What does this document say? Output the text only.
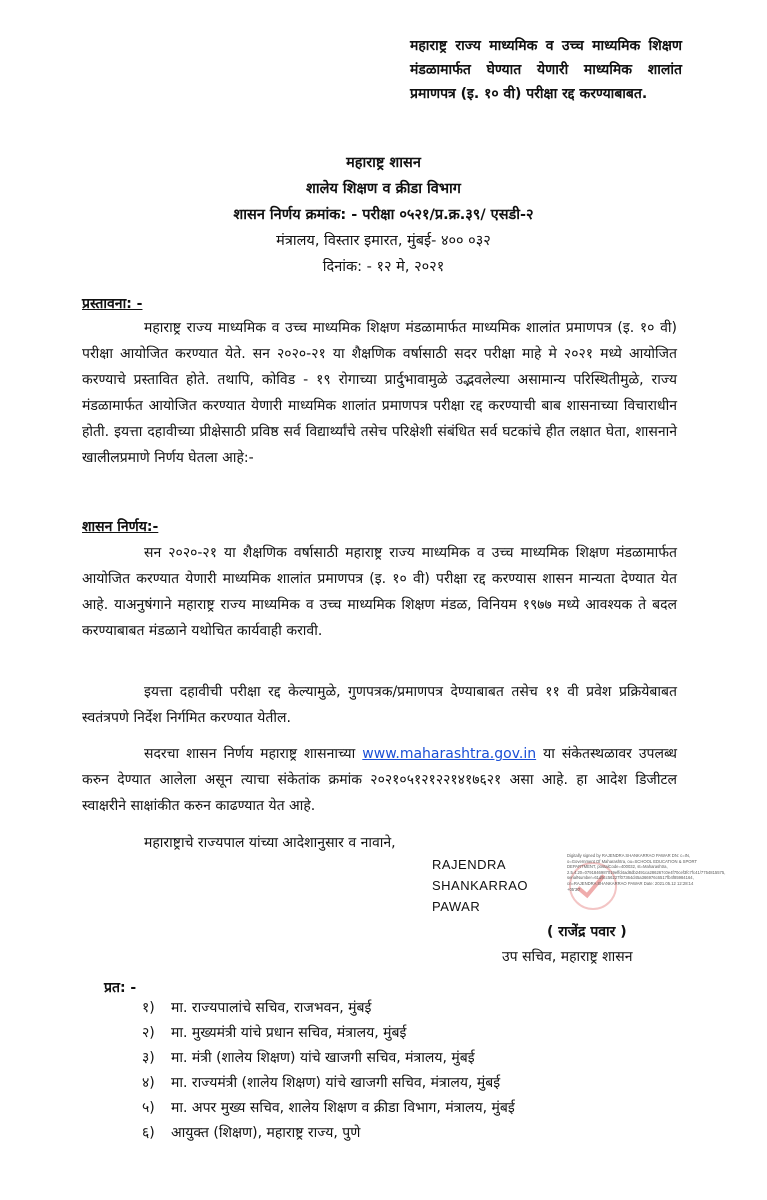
महाराष्ट्र राज्य माध्यमिक व उच्च माध्यमिक शिक्षण मंडळामार्फत घेण्यात येणारी माध्यमिक शालांत प्रमाणपत्र (इ. १० वी) परीक्षा रद्द करण्याबाबत.
महाराष्ट्र शासन
शालेय शिक्षण व क्रीडा विभाग
शासन निर्णय क्रमांक: - परीक्षा ०५२१/प्र.क्र.३९/ एसडी-२
मंत्रालय, विस्तार इमारत, मुंबई- ४०० ०३२
दिनांक: - १२ मे, २०२१
प्रस्तावना: -
महाराष्ट्र राज्य माध्यमिक व उच्च माध्यमिक शिक्षण मंडळामार्फत माध्यमिक शालांत प्रमाणपत्र (इ. १० वी) परीक्षा आयोजित करण्यात येते. सन २०२०-२१ या शैक्षणिक वर्षासाठी सदर परीक्षा माहे मे २०२१ मध्ये आयोजित करण्याचे प्रस्तावित होते. तथापि, कोविड - १९ रोगाच्या प्रार्दुभावामुळे उद्भवलेल्या असामान्य परिस्थितीमुळे, राज्य मंडळामार्फत आयोजित करण्यात येणारी माध्यमिक शालांत प्रमाणपत्र परीक्षा रद्द करण्याची बाब शासनाच्या विचाराधीन होती. इयत्ता दहावीच्या प्रीक्षेसाठी प्रविष्ठ सर्व विद्यार्थ्यांचे तसेच परिक्षेशी संबंधित सर्व घटकांचे हीत लक्षात घेता, शासनाने खालीलप्रमाणे निर्णय घेतला आहे:-
शासन निर्णय:-
सन २०२०-२१ या शैक्षणिक वर्षासाठी महाराष्ट्र राज्य माध्यमिक व उच्च माध्यमिक शिक्षण मंडळामार्फत आयोजित करण्यात येणारी माध्यमिक शालांत प्रमाणपत्र (इ. १० वी) परीक्षा रद्द करण्यास शासन मान्यता देण्यात येत आहे. याअनुषंगाने महाराष्ट्र राज्य माध्यमिक व उच्च माध्यमिक शिक्षण मंडळ, विनियम १९७७ मध्ये आवश्यक ते बदल करण्याबाबत मंडळाने यथोचित कार्यवाही करावी.
इयत्ता दहावीची परीक्षा रद्द केल्यामुळे, गुणपत्रक/प्रमाणपत्र देण्याबाबत तसेच ११ वी प्रवेश प्रक्रियेबाबत स्वतंत्रपणे निर्देश निर्गमित करण्यात येतील.
सदरचा शासन निर्णय महाराष्ट्र शासनाच्या www.maharashtra.gov.in या संकेतस्थळावर उपलब्ध करुन देण्यात आलेला असून त्याचा संकेतांक क्रमांक २०२१०५१२१२२१४१७६२१ असा आहे. हा आदेश डिजीटल स्वाक्षरीने साक्षांकीत करुन काढण्यात येत आहे.
महाराष्ट्राचे राज्यपाल यांच्या आदेशानुसार व नावाने,
RAJENDRA
SHANKARRAO
PAWAR
Digitally signed by RAJENDRA SHANKARRAO PAWAR DN: c=IN, o=Government Of Maharashtra, ou=SCHOOL EDUCATION & SPORT DEPARTMENT, postalCode=400032, st=Maharashtra, 2.5.4.20=0791846987019effd4ad8db2491ca286267c0e4f70cef3fc7fc41/7754815575, serialNumber=61d5cc56227f07364d45a366976c6517fb4f85984164, cn=RAJENDRA SHANKARRAO PAWAR Date: 2021.05.12 12:28:14 +05'30'
( राजेंद्र पवार )
उप सचिव, महाराष्ट्र शासन
प्रत: -
१) मा. राज्यपालांचे सचिव, राजभवन, मुंबई
२) मा. मुख्यमंत्री यांचे प्रधान सचिव, मंत्रालय, मुंबई
३) मा. मंत्री (शालेय शिक्षण) यांचे खाजगी सचिव, मंत्रालय, मुंबई
४) मा. राज्यमंत्री (शालेय शिक्षण) यांचे खाजगी सचिव, मंत्रालय, मुंबई
५) मा. अपर मुख्य सचिव, शालेय शिक्षण व क्रीडा विभाग, मंत्रालय, मुंबई
६) आयुक्त (शिक्षण), महाराष्ट्र राज्य, पुणे
